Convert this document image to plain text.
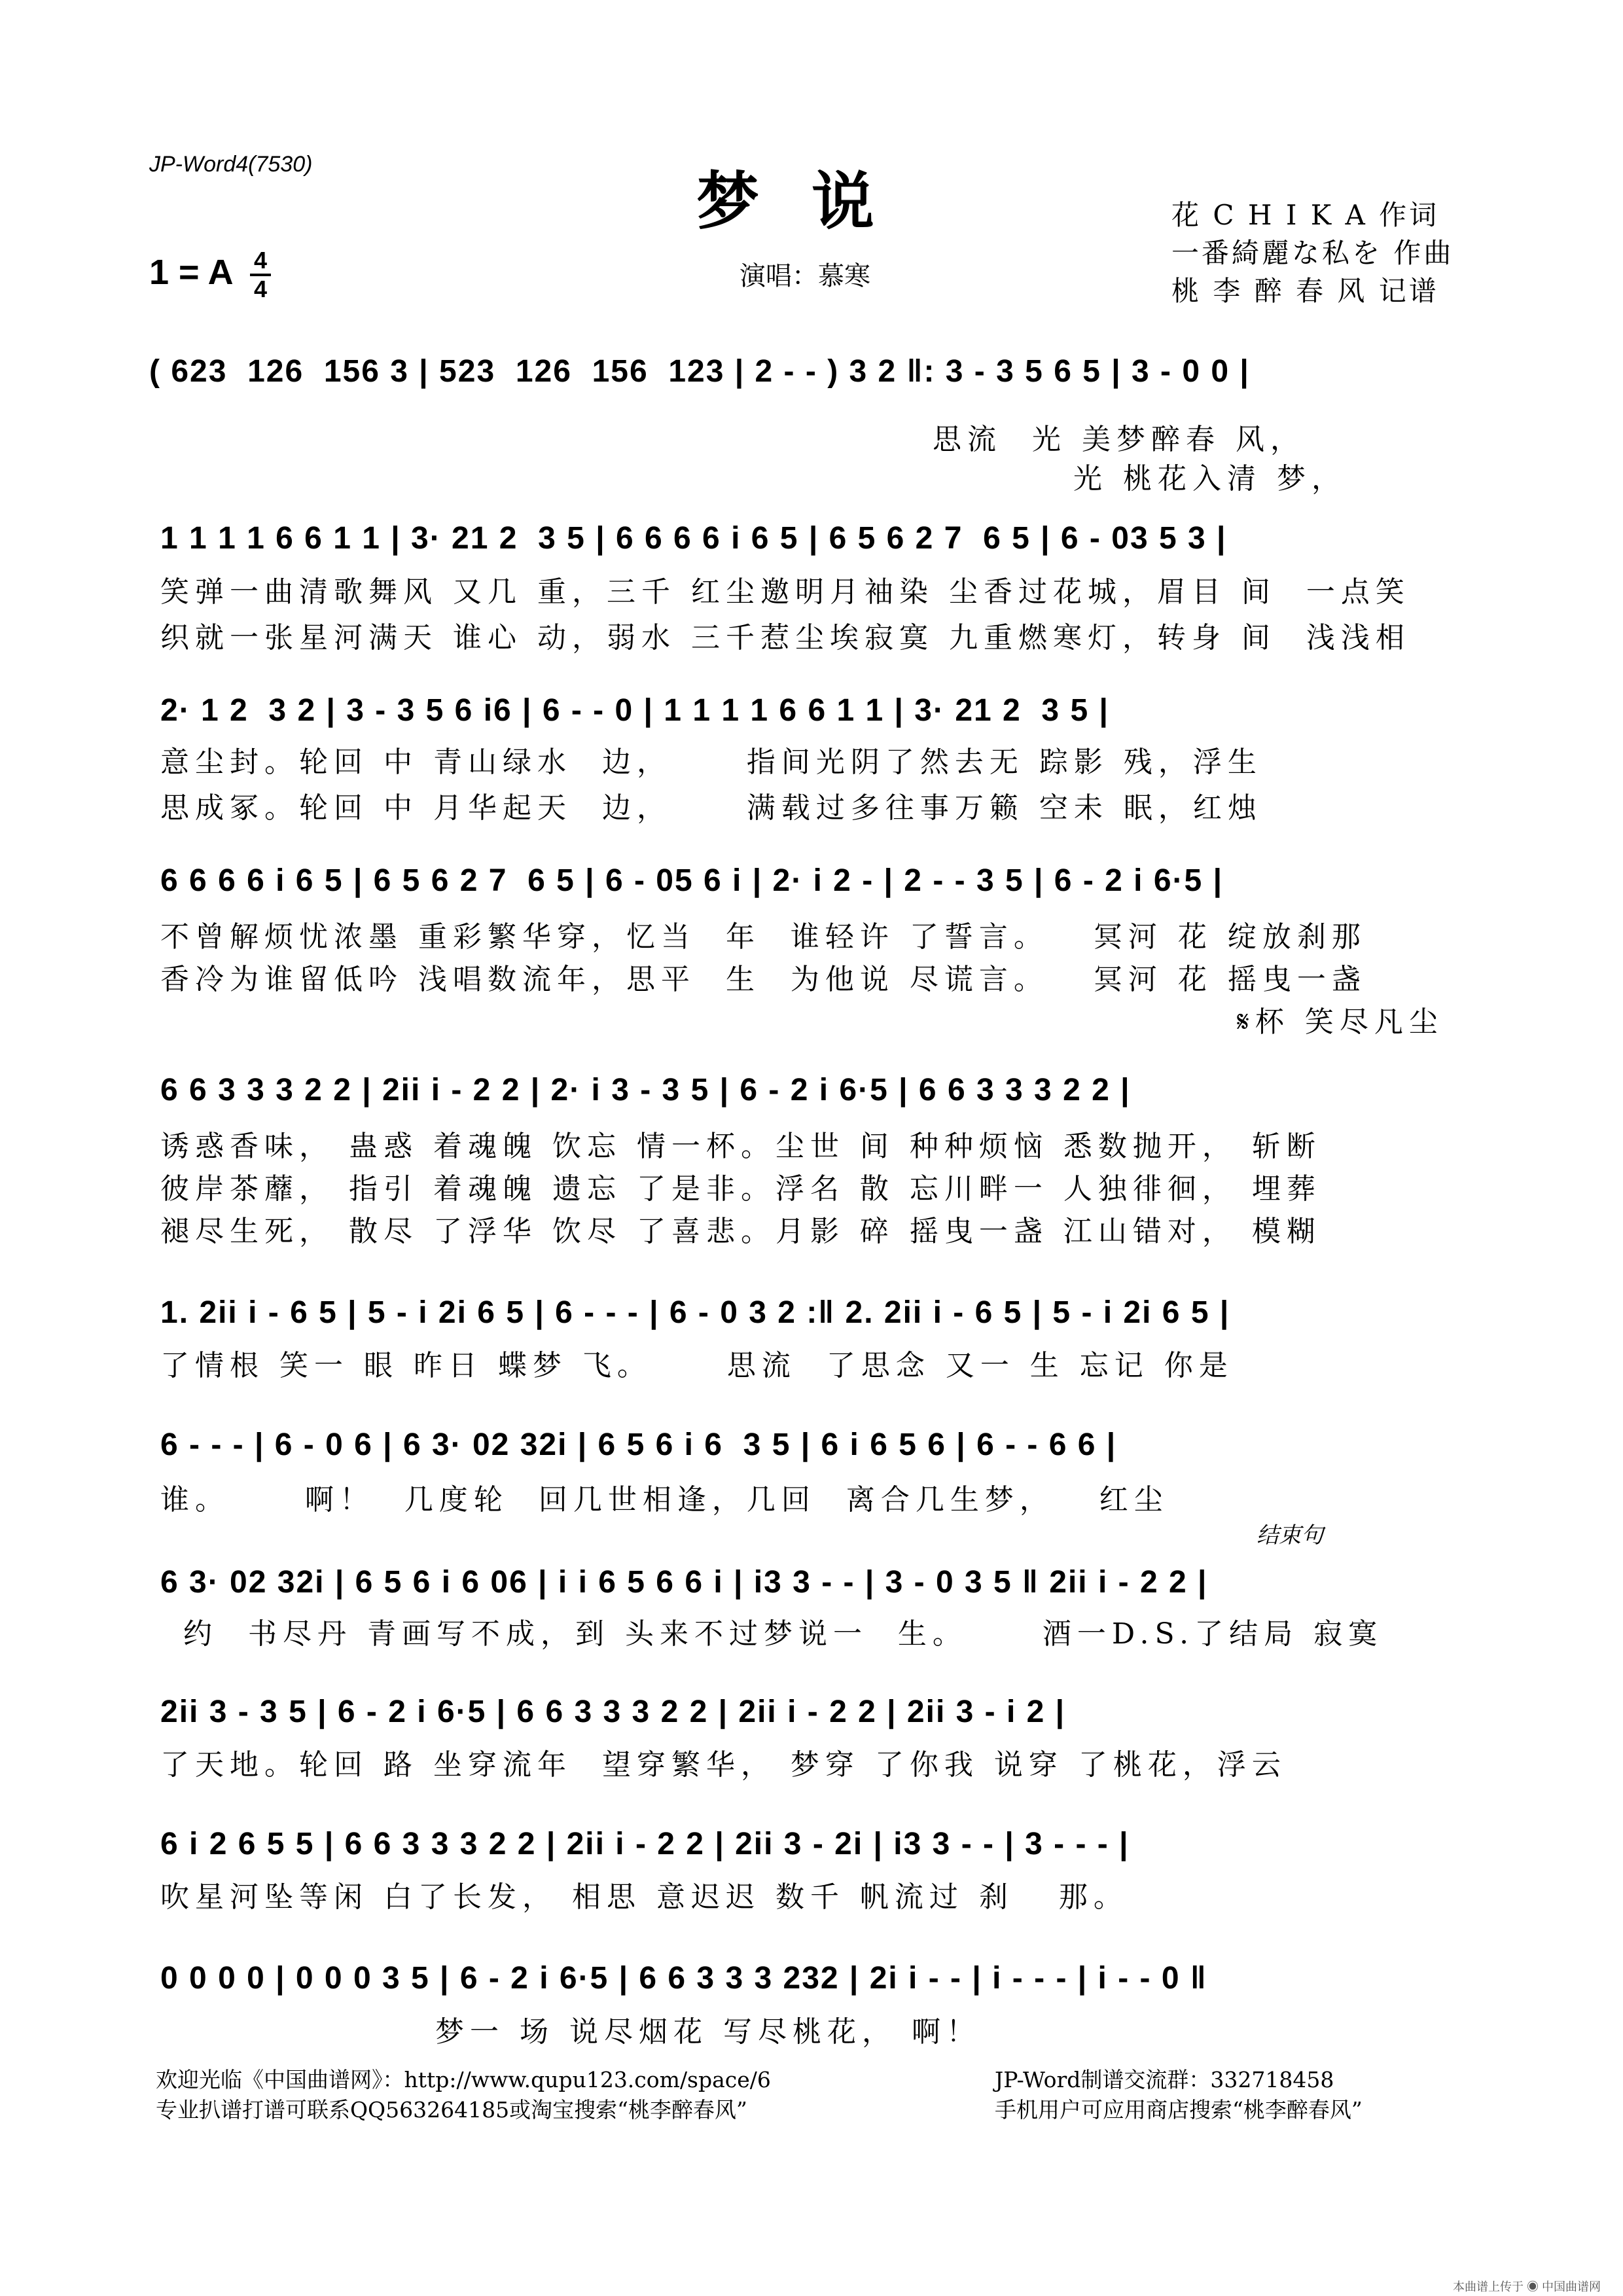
JP-Word4(7530)	梦说	花 C H I K A 作词
一番綺麗な私を 作曲
桃 李 醉 春 风 记谱
1 = A 4
4	演唱：慕寒
( 623  126  156 3 | 523  126  156  123 | 2 - - ) 3 2 ‖: 3 - 3 5 6 5 | 3 - 0 0 |
思流  光 美梦醉春 风，
光 桃花入清 梦，
1 1 1 1 6 6 1 1 | 3· 21 2  3 5 | 6 6 6 6 i 6 5 | 6 5 6 2 7  6 5 | 6 - 03 5 3 |
笑弹一曲清歌舞风 又几 重，三千 红尘邀明月袖染 尘香过花城，眉目 间  一点笑
织就一张星河满天 谁心 动，弱水 三千惹尘埃寂寞 九重燃寒灯，转身 间  浅浅相
2· 1 2  3 2 | 3 - 3 5 6 i6 | 6 - - 0 | 1 1 1 1 6 6 1 1 | 3· 21 2  3 5 |
意尘封。轮回 中 青山绿水  边，     指间光阴了然去无 踪影 残，浮生
思成冢。轮回 中 月华起天  边，     满载过多往事万籁 空未 眠，红烛
6 6 6 6 i 6 5 | 6 5 6 2 7  6 5 | 6 - 05 6 i | 2· i 2 - | 2 - - 3 5 | 6 - 2 i 6·5 |
不曾解烦忧浓墨 重彩繁华穿，忆当  年  谁轻许 了誓言。   冥河 花 绽放刹那
香冷为谁留低吟 浅唱数流年，思平  生  为他说 尽谎言。   冥河 花 摇曳一盏
𝄋杯 笑尽凡尘
6 6 3 3 3 2 2 | 2ii i - 2 2 | 2· i 3 - 3 5 | 6 - 2 i 6·5 | 6 6 3 3 3 2 2 |
诱惑香味， 蛊惑 着魂魄 饮忘 情一杯。尘世 间 种种烦恼 悉数抛开， 斩断
彼岸茶蘼， 指引 着魂魄 遗忘 了是非。浮名 散 忘川畔一 人独徘徊， 埋葬
褪尽生死， 散尽 了浮华 饮尽 了喜悲。月影 碎 摇曳一盏 江山错对， 模糊
1. 2ii i - 6 5 | 5 - i 2i 6 5 | 6 - - - | 6 - 0 3 2 :‖ 2. 2ii i - 6 5 | 5 - i 2i 6 5 |
了情根 笑一 眼 昨日 蝶梦 飞。     思流  了思念 又一 生 忘记 你是
6 - - - | 6 - 0 6 | 6 3· 02 32i | 6 5 6 i 6  3 5 | 6 i 6 5 6 | 6 - - 6 6 |
谁。     啊！  几度轮  回几世相逢，几回  离合几生梦，   红尘
结束句
6 3· 02 32i | 6 5 6 i 6 06 | i i 6 5 6 6 i | i3 3 - - | 3 - 0 3 5 ‖ 2ii i - 2 2 |
约  书尽丹 青画写不成，到 头来不过梦说一  生。     酒一D.S.了结局 寂寞
2ii 3 - 3 5 | 6 - 2 i 6·5 | 6 6 3 3 3 2 2 | 2ii i - 2 2 | 2ii 3 - i 2 |
了天地。轮回 路 坐穿流年  望穿繁华， 梦穿 了你我 说穿 了桃花，浮云
6 i 2 6 5 5 | 6 6 3 3 3 2 2 | 2ii i - 2 2 | 2ii 3 - 2i | i3 3 - - | 3 - - - |
吹星河坠等闲 白了长发， 相思 意迟迟 数千 帆流过 刹   那。
0 0 0 0 | 0 0 0 3 5 | 6 - 2 i 6·5 | 6 6 3 3 3 232 | 2i i - - | i - - - | i - - 0 ‖
梦一 场 说尽烟花 写尽桃花， 啊！
欢迎光临《中国曲谱网》：http://www.qupu123.com/space/6
专业扒谱打谱可联系QQ563264185或淘宝搜索“桃李醉春风”
JP-Word制谱交流群：332718458
手机用户可应用商店搜索“桃李醉春风”
本曲谱上传于 ◉ 中国曲谱网
